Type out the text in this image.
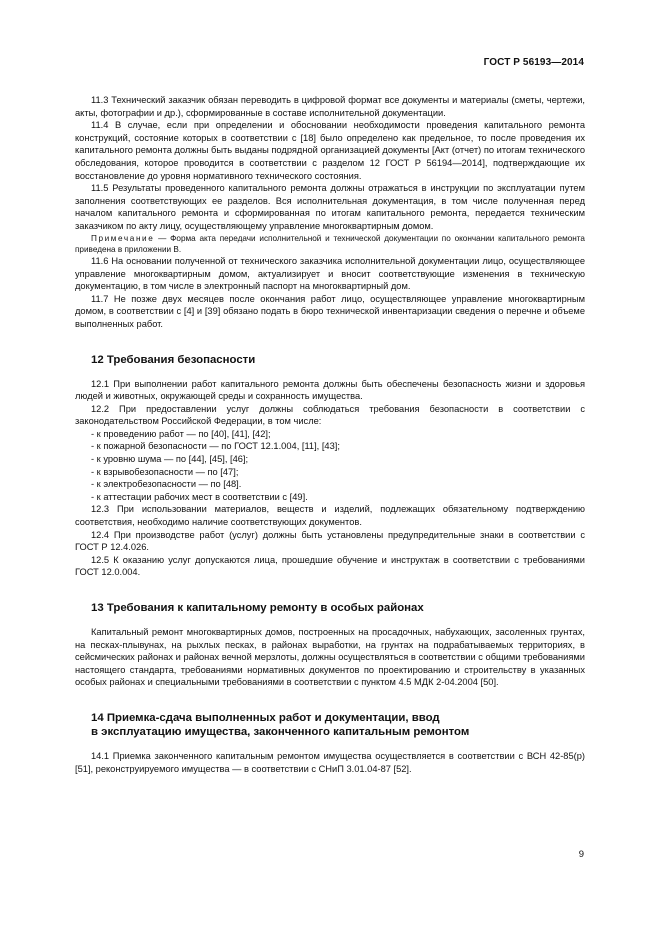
ГОСТ Р 56193—2014

11.3 Технический заказчик обязан переводить в цифровой формат все документы и материалы (сметы, чертежи, акты, фотографии и др.), сформированные в составе исполнительной документации.

11.4 В случае, если при определении и обосновании необходимости проведения капитального ремонта конструкций, состояние которых в соответствии с [18] было определено как предельное, то после проведения их капитального ремонта должны быть выданы подрядной организацией документы [Акт (отчет) по итогам технического обследования, которое проводится в соответствии с разделом 12 ГОСТ Р 56194—2014], подтверждающие их восстановление до уровня нормативного технического состояния.

11.5 Результаты проведенного капитального ремонта должны отражаться в инструкции по эксплуатации путем заполнения соответствующих ее разделов. Вся исполнительная документация, в том числе полученная перед началом капитального ремонта и сформированная по итогам капитального ремонта, передается техническим заказчиком по акту лицу, осуществляющему управление многоквартирным домом.

Примечание — Форма акта передачи исполнительной и технической документации по окончании капитального ремонта приведена в приложении В.

11.6 На основании полученной от технического заказчика исполнительной документации лицо, осуществляющее управление многоквартирным домом, актуализирует и вносит соответствующие изменения в техническую документацию, в том числе в электронный паспорт на многоквартирный дом.

11.7 Не позже двух месяцев после окончания работ лицо, осуществляющее управление многоквартирным домом, в соответствии с [4] и [39] обязано подать в бюро технической инвентаризации сведения о перечне и объеме выполненных работ.

12 Требования безопасности

12.1 При выполнении работ капитального ремонта должны быть обеспечены безопасность жизни и здоровья людей и животных, окружающей среды и сохранность имущества.

12.2 При предоставлении услуг должны соблюдаться требования безопасности в соответствии с законодательством Российской Федерации, в том числе:

- к проведению работ — по [40], [41], [42];
- к пожарной безопасности — по ГОСТ 12.1.004, [11], [43];
- к уровню шума — по [44], [45], [46];
- к взрывобезопасности — по [47];
- к электробезопасности — по [48].
- к аттестации рабочих мест в соответствии с [49].

12.3 При использовании материалов, веществ и изделий, подлежащих обязательному подтверждению соответствия, необходимо наличие соответствующих документов.

12.4 При производстве работ (услуг) должны быть установлены предупредительные знаки в соответствии с ГОСТ Р 12.4.026.

12.5 К оказанию услуг допускаются лица, прошедшие обучение и инструктаж в соответствии с требованиями ГОСТ 12.0.004.

13 Требования к капитальному ремонту в особых районах

Капитальный ремонт многоквартирных домов, построенных на просадочных, набухающих, засоленных грунтах, на песках-плывунах, на рыхлых песках, в районах выработки, на грунтах на подрабатываемых территориях, в сейсмических районах и районах вечной мерзлоты, должны осуществляться в соответствии с общими требованиями настоящего стандарта, требованиями нормативных документов по проектированию и строительству в указанных особых районах и специальными требованиями в соответствии с пунктом 4.5 МДК 2-04.2004 [50].

14 Приемка-сдача выполненных работ и документации, ввод
в эксплуатацию имущества, законченного капитальным ремонтом

14.1 Приемка законченного капитальным ремонтом имущества осуществляется в соответствии с ВСН 42-85(р) [51], реконструируемого имущества — в соответствии с СНиП 3.01.04-87 [52].

9
